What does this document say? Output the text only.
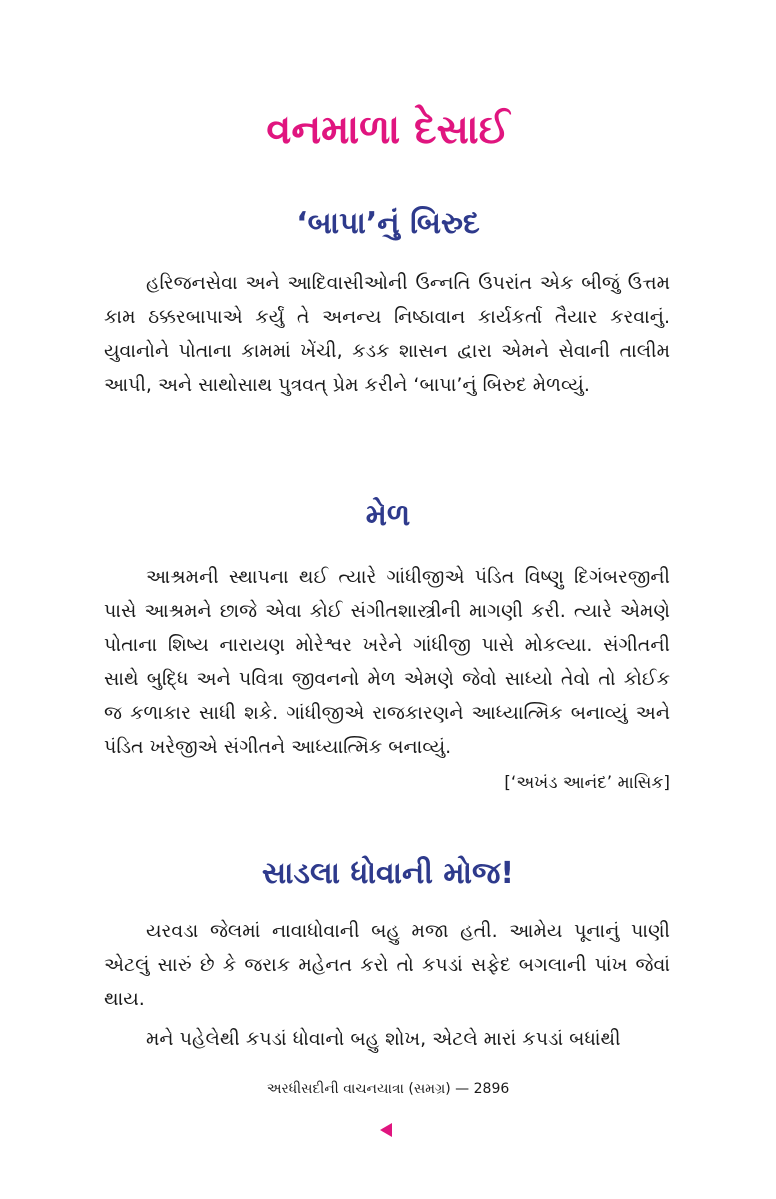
વનમાળા દેસાઈ
‘બાપા’નું બિરુદ

હરિજનસેવા અને આદિવાસીઓની ઉન્નતિ ઉપરાંત એક બીજું ઉત્તમ કામ ઠક્કરબાપાએ કર્યું તે અનન્ય નિષ્ઠાવાન કાર્યકર્તા તૈયાર કરવાનું. યુવાનોને પોતાના કામમાં ખેંચી, કડક શાસન દ્વારા એમને સેવાની તાલીમ આપી, અને સાથોસાથ પુત્રવત્ પ્રેમ કરીને ‘બાપા’નું બિરુદ મેળવ્યું.

મેળ

આશ્રમની સ્થાપના થઈ ત્યારે ગાંધીજીએ પંડિત વિષ્ણુ દિગંબરજીની પાસે આશ્રમને છાજે એવા કોઈ સંગીતશાસ્ત્રીની માગણી કરી. ત્યારે એમણે પોતાના શિષ્ય નારાયણ મોરેશ્વર ખરેને ગાંધીજી પાસે મોકલ્યા. સંગીતની સાથે બુદ્ધિ અને પવિત્રા જીવનનો મેળ એમણે જેવો સાધ્યો તેવો તો કોઈક જ કળાકાર સાધી શકે. ગાંધીજીએ રાજકારણને આધ્યાત્મિક બનાવ્યું અને પંડિત ખરેજીએ સંગીતને આધ્યાત્મિક બનાવ્યું.

[‘અખંડ આનંદ’ માસિક]

સાડલા ધોવાની મોજ!

યરવડા જેલમાં નાવાધોવાની બહુ મજા હતી. આમેય પૂનાનું પાણી એટલું સારું છે કે જરાક મહેનત કરો તો કપડાં સફેદ બગલાની પાંખ જેવાં થાય.

મને પહેલેથી કપડાં ધોવાનો બહુ શોખ, એટલે મારાં કપડાં બધાંથી

અરધીસદીની વાચનયાત્રા (સમગ્ર) — 2896
